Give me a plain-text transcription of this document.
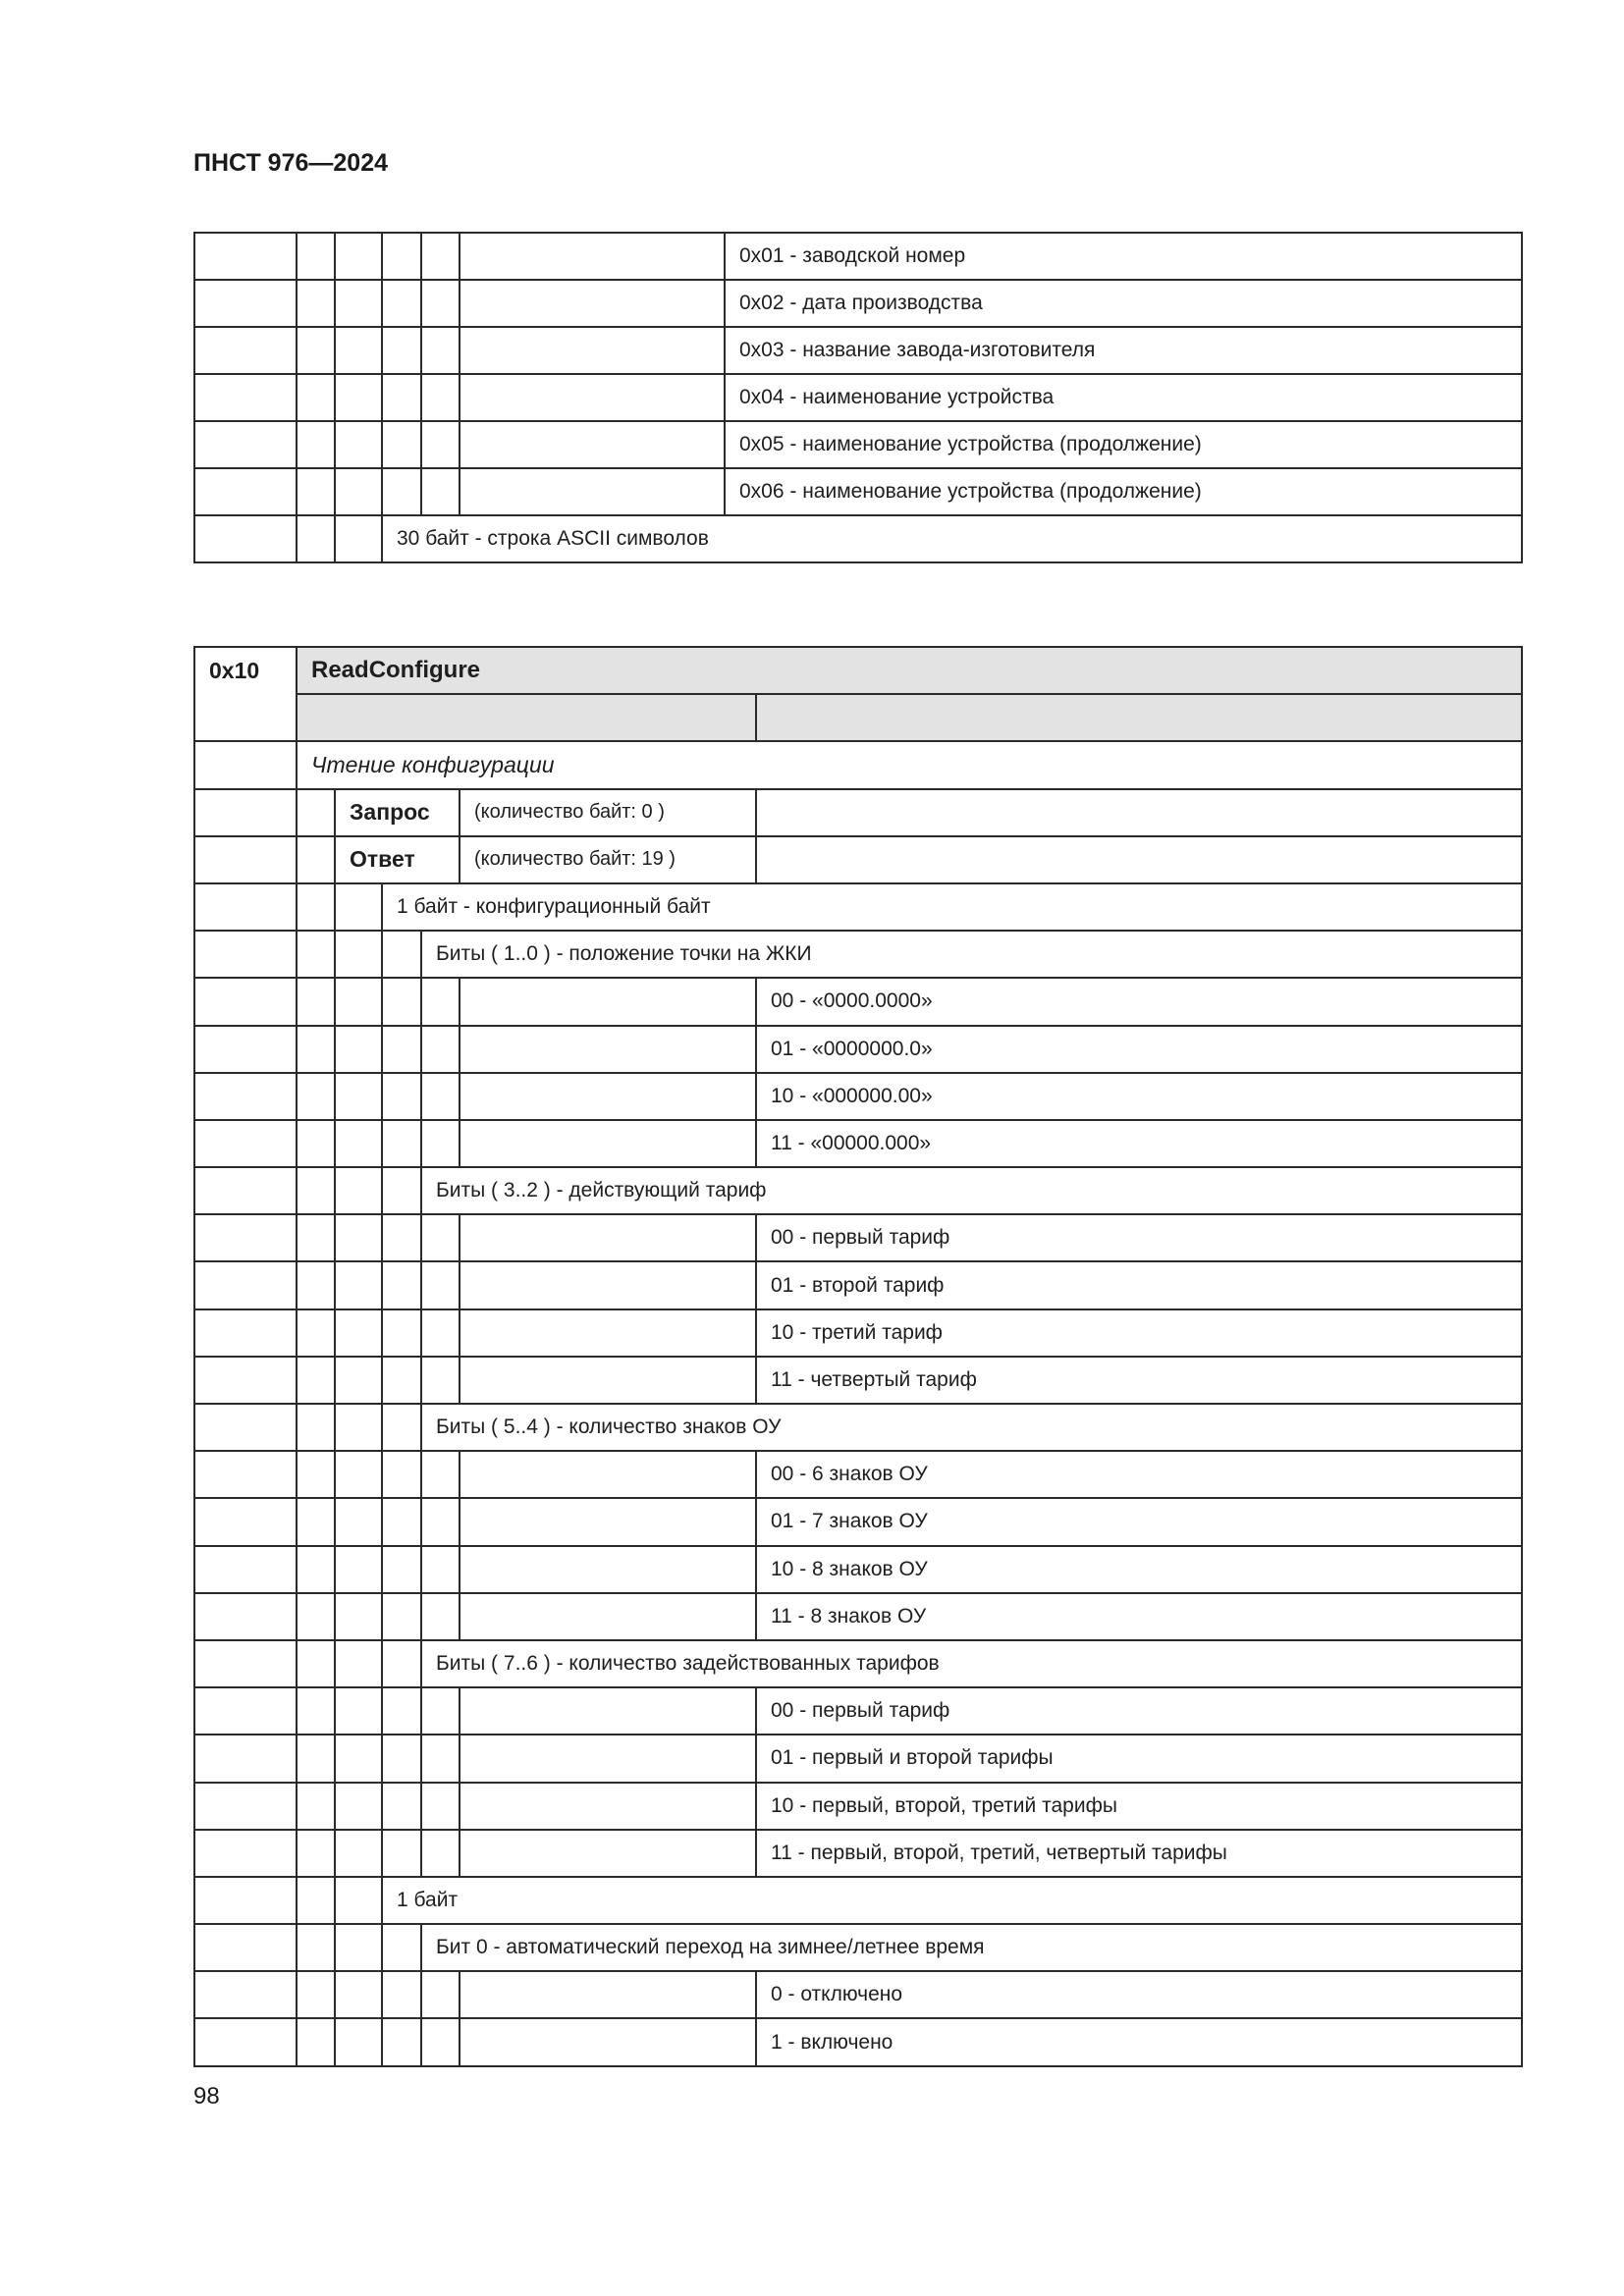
ПНСТ 976—2024
						0x01 - заводской номер
						0x02 - дата производства
						0x03 - название завода-изготовителя
						0x04 - наименование устройства
						0x05 - наименование устройства (продолжение)
						0x06 - наименование устройства (продолжение)
			30 байт - строка ASCII символов			
0x10	ReadConfigure					

	Чтение конфигурации					
		Запрос			(количество байт: 0 )	
		Ответ			(количество байт: 19 )	
			1 байт - конфигурационный байт			
				Биты ( 1..0 ) - положение точки на ЖКИ		
						00 - «0000.0000»
						01 - «0000000.0»
						10 - «000000.00»
						11 - «00000.000»
				Биты ( 3..2 ) - действующий тариф		
						00 - первый тариф
						01 - второй тариф
						10 - третий тариф
						11 - четвертый тариф
				Биты ( 5..4 ) - количество знаков ОУ		
						00 - 6 знаков ОУ
						01 - 7 знаков ОУ
						10 - 8 знаков ОУ
						11 - 8 знаков ОУ
				Биты ( 7..6 ) - количество задействованных тарифов		
						00 - первый тариф
						01 - первый и второй тарифы
						10 - первый, второй, третий тарифы
						11 - первый, второй, третий, четвертый тарифы
			1 байт			
				Бит 0 - автоматический переход на зимнее/летнее время		
						0 - отключено
						1 - включено
98
